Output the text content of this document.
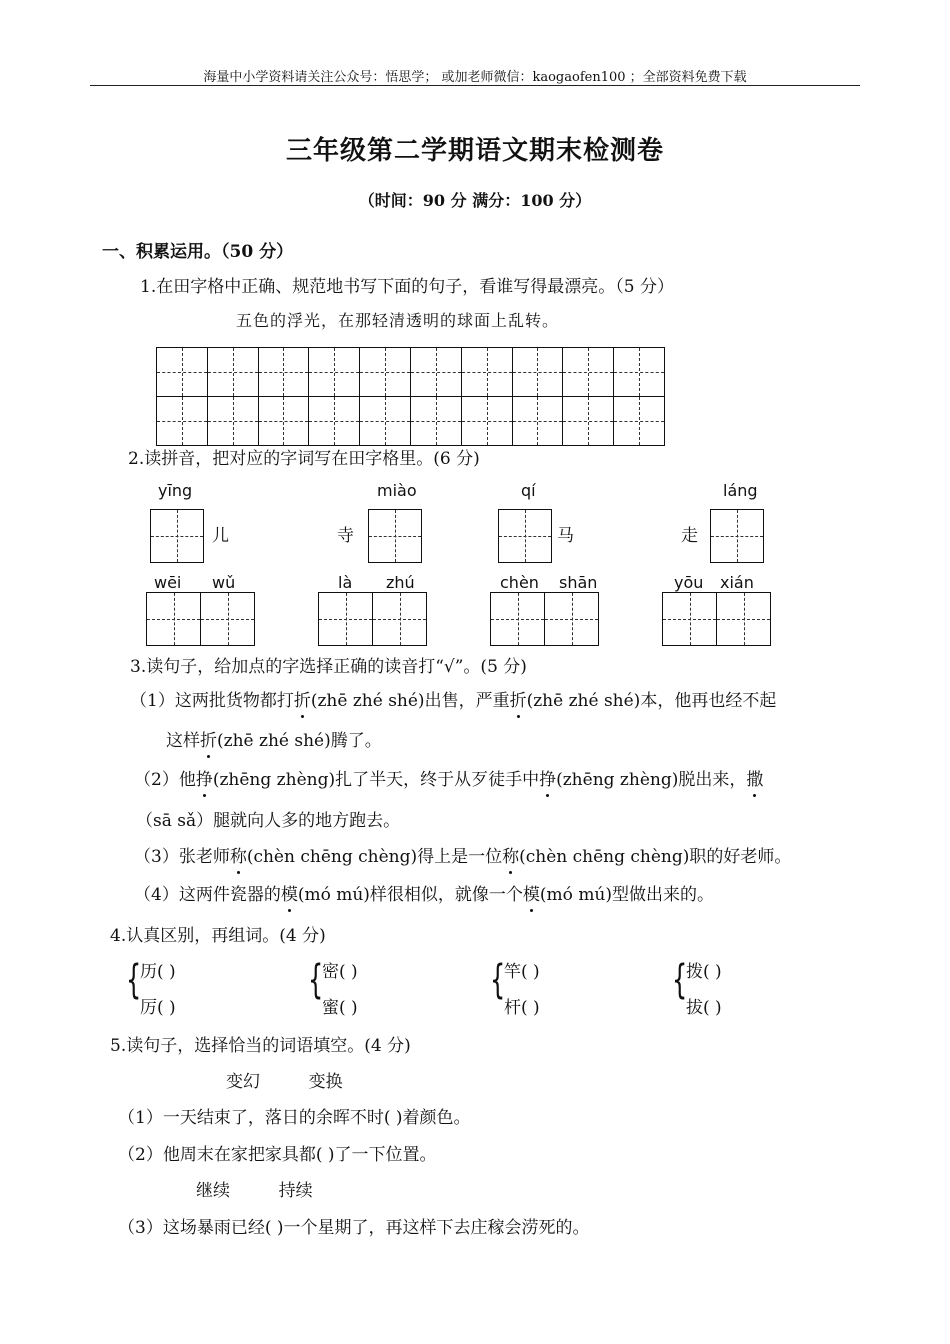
海量中小学资料请关注公众号：悟思学； 或加老师微信：kaogaofen100 ；全部资料免费下载
三年级第二学期语文期末检测卷
（时间：90 分 满分：100 分）
一、积累运用。（50 分）
1.在田字格中正确、规范地书写下面的句子，看谁写得最漂亮。（5 分）
五色的浮光，在那轻清透明的球面上乱转。
2.读拼音，把对应的字词写在田字格里。(6 分)
yīng
儿
miào
寺
qí
马
láng
走
wēi wǔ	là zhú	chèn shān	yōu xián
3.读句子，给加点的字选择正确的读音打“√”。(5 分)
（1）这两批货物都打折(zhē zhé shé)出售，严重折(zhē zhé shé)本，他再也经不起
这样折(zhē zhé shé)腾了。
（2）他挣(zhēng zhèng)扎了半天，终于从歹徒手中挣(zhēng zhèng)脱出来，撒
（sā sǎ）腿就向人多的地方跑去。
（3）张老师称(chèn chēng chèng)得上是一位称(chèn chēng chèng)职的好老师。
（4）这两件瓷器的模(mó mú)样很相似，就像一个模(mó mú)型做出来的。
4.认真区别，再组词。(4 分)
{
历( )
厉( )
{
密( )
蜜( )
{
竿( )
杆( )
{
拨( )
拔( )
5.读句子，选择恰当的词语填空。(4 分)
变幻         变换
（1）一天结束了，落日的余晖不时( )着颜色。
（2）他周末在家把家具都( )了一下位置。
继续         持续
（3）这场暴雨已经( )一个星期了，再这样下去庄稼会涝死的。
